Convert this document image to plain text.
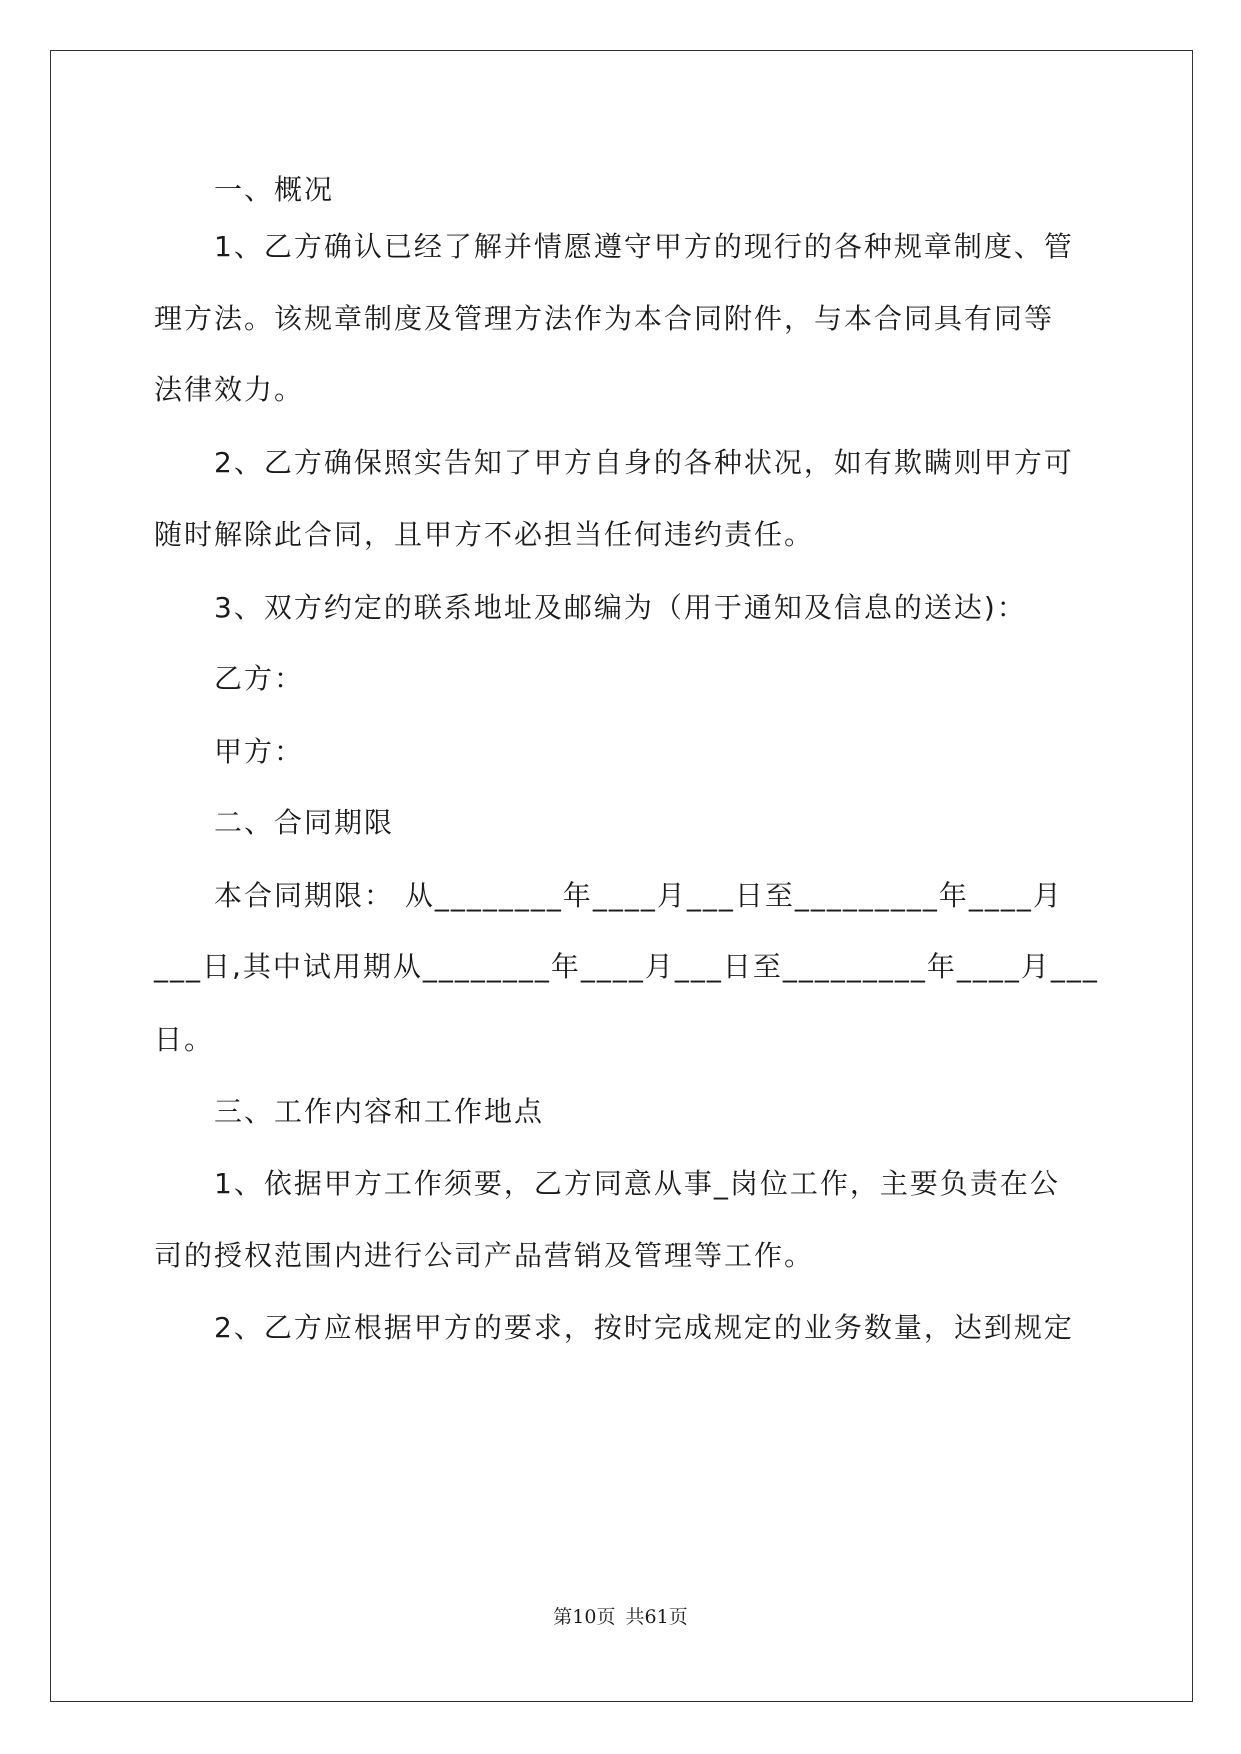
一、概况
1、乙方确认已经了解并情愿遵守甲方的现行的各种规章制度、管
理方法。该规章制度及管理方法作为本合同附件，与本合同具有同等
法律效力。
2、乙方确保照实告知了甲方自身的各种状况，如有欺瞒则甲方可
随时解除此合同，且甲方不必担当任何违约责任。
3、双方约定的联系地址及邮编为（用于通知及信息的送达)：
乙方：
甲方：
二、合同期限
本合同期限： 从________年____月___日至_________年____月
___日,其中试用期从________年____月___日至_________年____月___
日。
三、工作内容和工作地点
1、依据甲方工作须要，乙方同意从事_岗位工作，主要负责在公
司的授权范围内进行公司产品营销及管理等工作。
2、乙方应根据甲方的要求，按时完成规定的业务数量，达到规定
第10页 共61页
